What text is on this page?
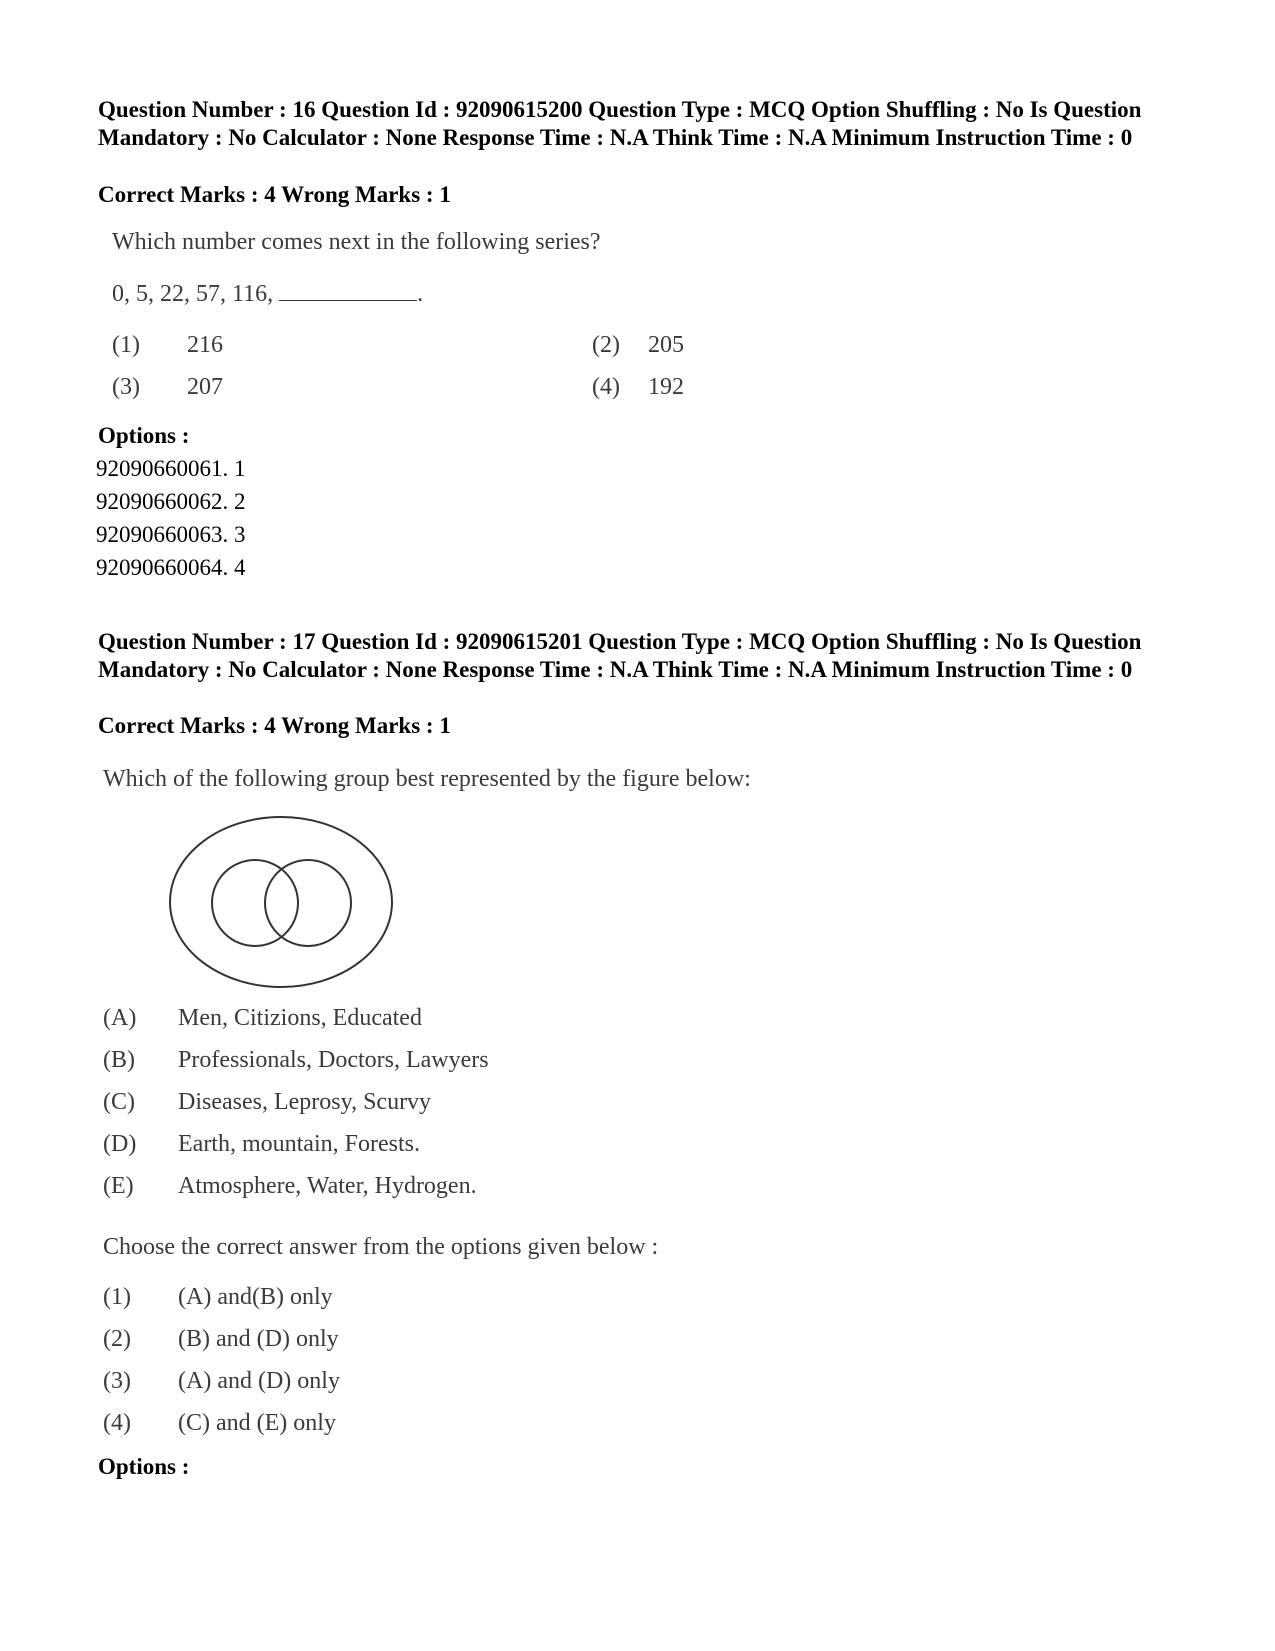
Question Number : 16 Question Id : 92090615200 Question Type : MCQ Option Shuffling : No Is Question Mandatory : No Calculator : None Response Time : N.A Think Time : N.A Minimum Instruction Time : 0
Correct Marks : 4 Wrong Marks : 1
Which number comes next in the following series?
0, 5, 22, 57, 116,	.
(1) 216	(2) 205
(3) 207	(4) 192
Options :
92090660061. 1
92090660062. 2
92090660063. 3
92090660064. 4
Question Number : 17 Question Id : 92090615201 Question Type : MCQ Option Shuffling : No Is Question Mandatory : No Calculator : None Response Time : N.A Think Time : N.A Minimum Instruction Time : 0
Correct Marks : 4 Wrong Marks : 1
Which of the following group best represented by the figure below:
(A) Men, Citizions, Educated
(B) Professionals, Doctors, Lawyers
(C) Diseases, Leprosy, Scurvy
(D) Earth, mountain, Forests.
(E) Atmosphere, Water, Hydrogen.
Choose the correct answer from the options given below :
(1) (A) and(B) only
(2) (B) and (D) only
(3) (A) and (D) only
(4) (C) and (E) only
Options :
